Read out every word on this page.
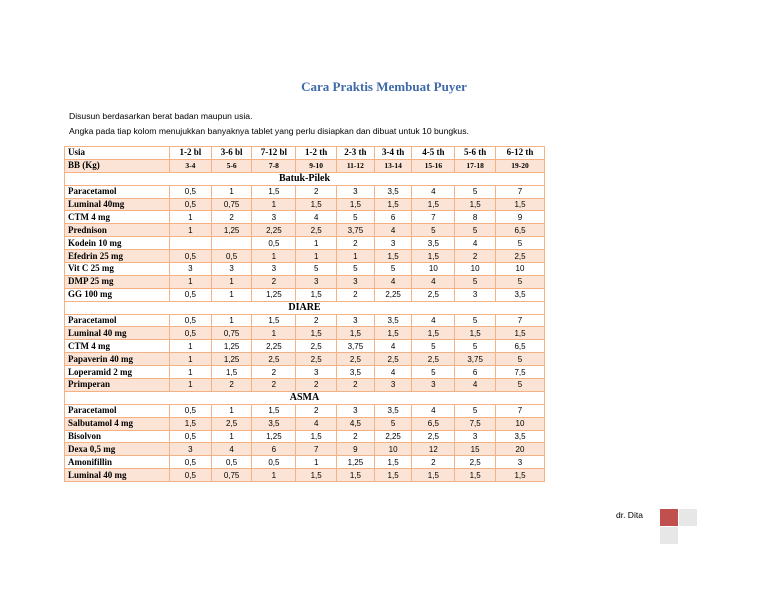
Cara Praktis Membuat Puyer
Disusun berdasarkan berat badan maupun usia.
Angka pada tiap kolom menujukkan banyaknya tablet yang perlu disiapkan dan dibuat untuk 10 bungkus.
Usia	1-2 bl	3-6 bl	7-12 bl	1-2 th	2-3 th	3-4 th	4-5 th	5-6 th	6-12 th
BB (Kg)	3-4	5-6	7-8	9-10	11-12	13-14	15-16	17-18	19-20
Batuk-Pilek									
Paracetamol	0,5	1	1,5	2	3	3,5	4	5	7
Luminal 40mg	0,5	0,75	1	1,5	1,5	1,5	1,5	1,5	1,5
CTM 4 mg	1	2	3	4	5	6	7	8	9
Prednison	1	1,25	2,25	2,5	3,75	4	5	5	6,5
Kodein 10 mg			0,5	1	2	3	3,5	4	5
Efedrin 25 mg	0,5	0,5	1	1	1	1,5	1,5	2	2,5
Vit C 25 mg	3	3	3	5	5	5	10	10	10
DMP 25 mg	1	1	2	3	3	4	4	5	5
GG 100 mg	0,5	1	1,25	1,5	2	2,25	2,5	3	3,5
DIARE									
Paracetamol	0,5	1	1,5	2	3	3,5	4	5	7
Luminal 40 mg	0,5	0,75	1	1,5	1,5	1,5	1,5	1,5	1,5
CTM 4 mg	1	1,25	2,25	2,5	3,75	4	5	5	6,5
Papaverin 40 mg	1	1,25	2,5	2,5	2,5	2,5	2,5	3,75	5
Loperamid 2 mg	1	1,5	2	3	3,5	4	5	6	7,5
Primperan	1	2	2	2	2	3	3	4	5
ASMA									
Paracetamol	0,5	1	1,5	2	3	3,5	4	5	7
Salbutamol 4 mg	1,5	2,5	3,5	4	4,5	5	6,5	7,5	10
Bisolvon	0,5	1	1,25	1,5	2	2,25	2,5	3	3,5
Dexa 0,5 mg	3	4	6	7	9	10	12	15	20
Amonifillin	0,5	0,5	0,5	1	1,25	1,5	2	2,5	3
Luminal 40 mg	0,5	0,75	1	1,5	1,5	1,5	1,5	1,5	1,5
dr. Dita
